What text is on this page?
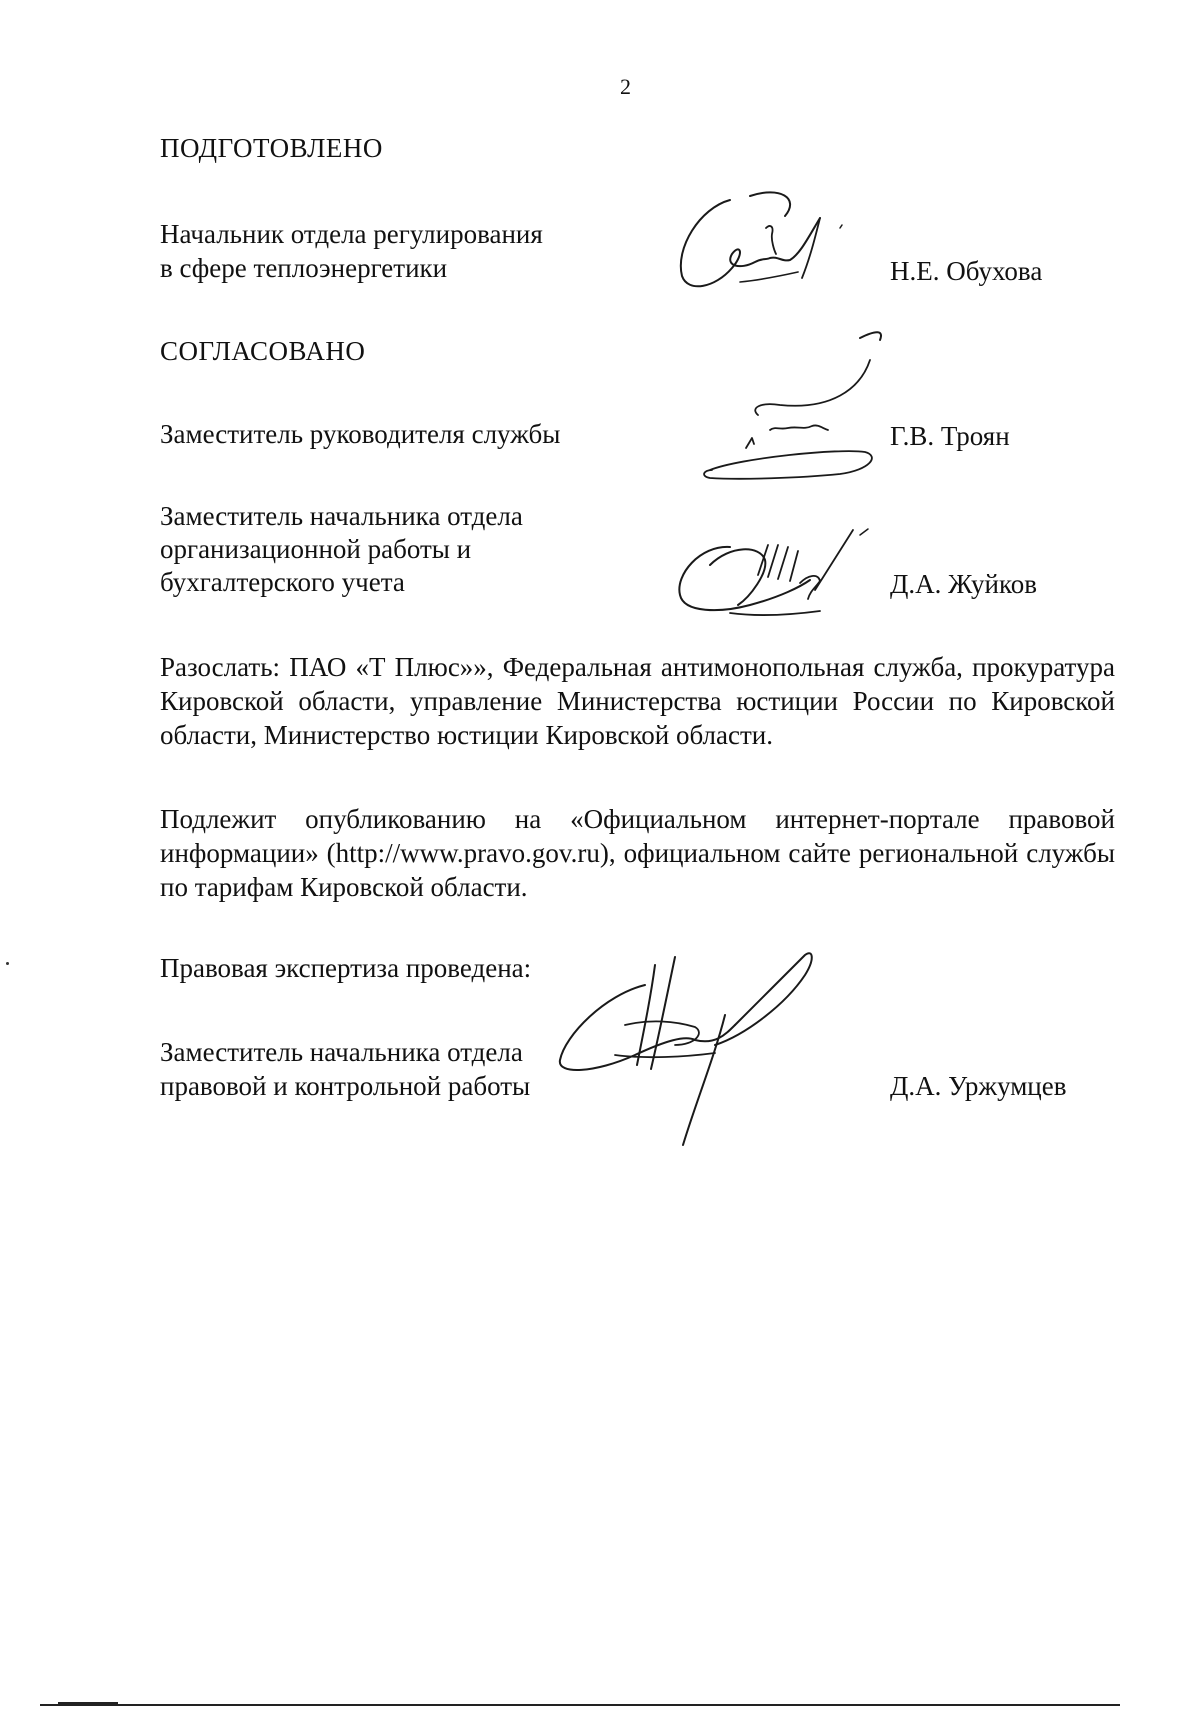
2
ПОДГОТОВЛЕНО
Начальник отдела регулирования
в сфере теплоэнергетики	Н.Е. Обухова
СОГЛАСОВАНО
Заместитель руководителя службы	Г.В. Троян
Заместитель начальника отдела
организационной работы и
бухгалтерского учета	Д.А. Жуйков
Разослать: ПАО «Т Плюс»», Федеральная антимонопольная служба, прокуратура Кировской области, управление Министерства юстиции России по Кировской области, Министерство юстиции Кировской области.
Подлежит опубликованию на «Официальном интернет-портале правовой информации» (http://www.pravo.gov.ru), официальном сайте региональной службы по тарифам Кировской области.
Правовая экспертиза проведена:
Заместитель начальника отдела
правовой и контрольной работы	Д.А. Уржумцев
